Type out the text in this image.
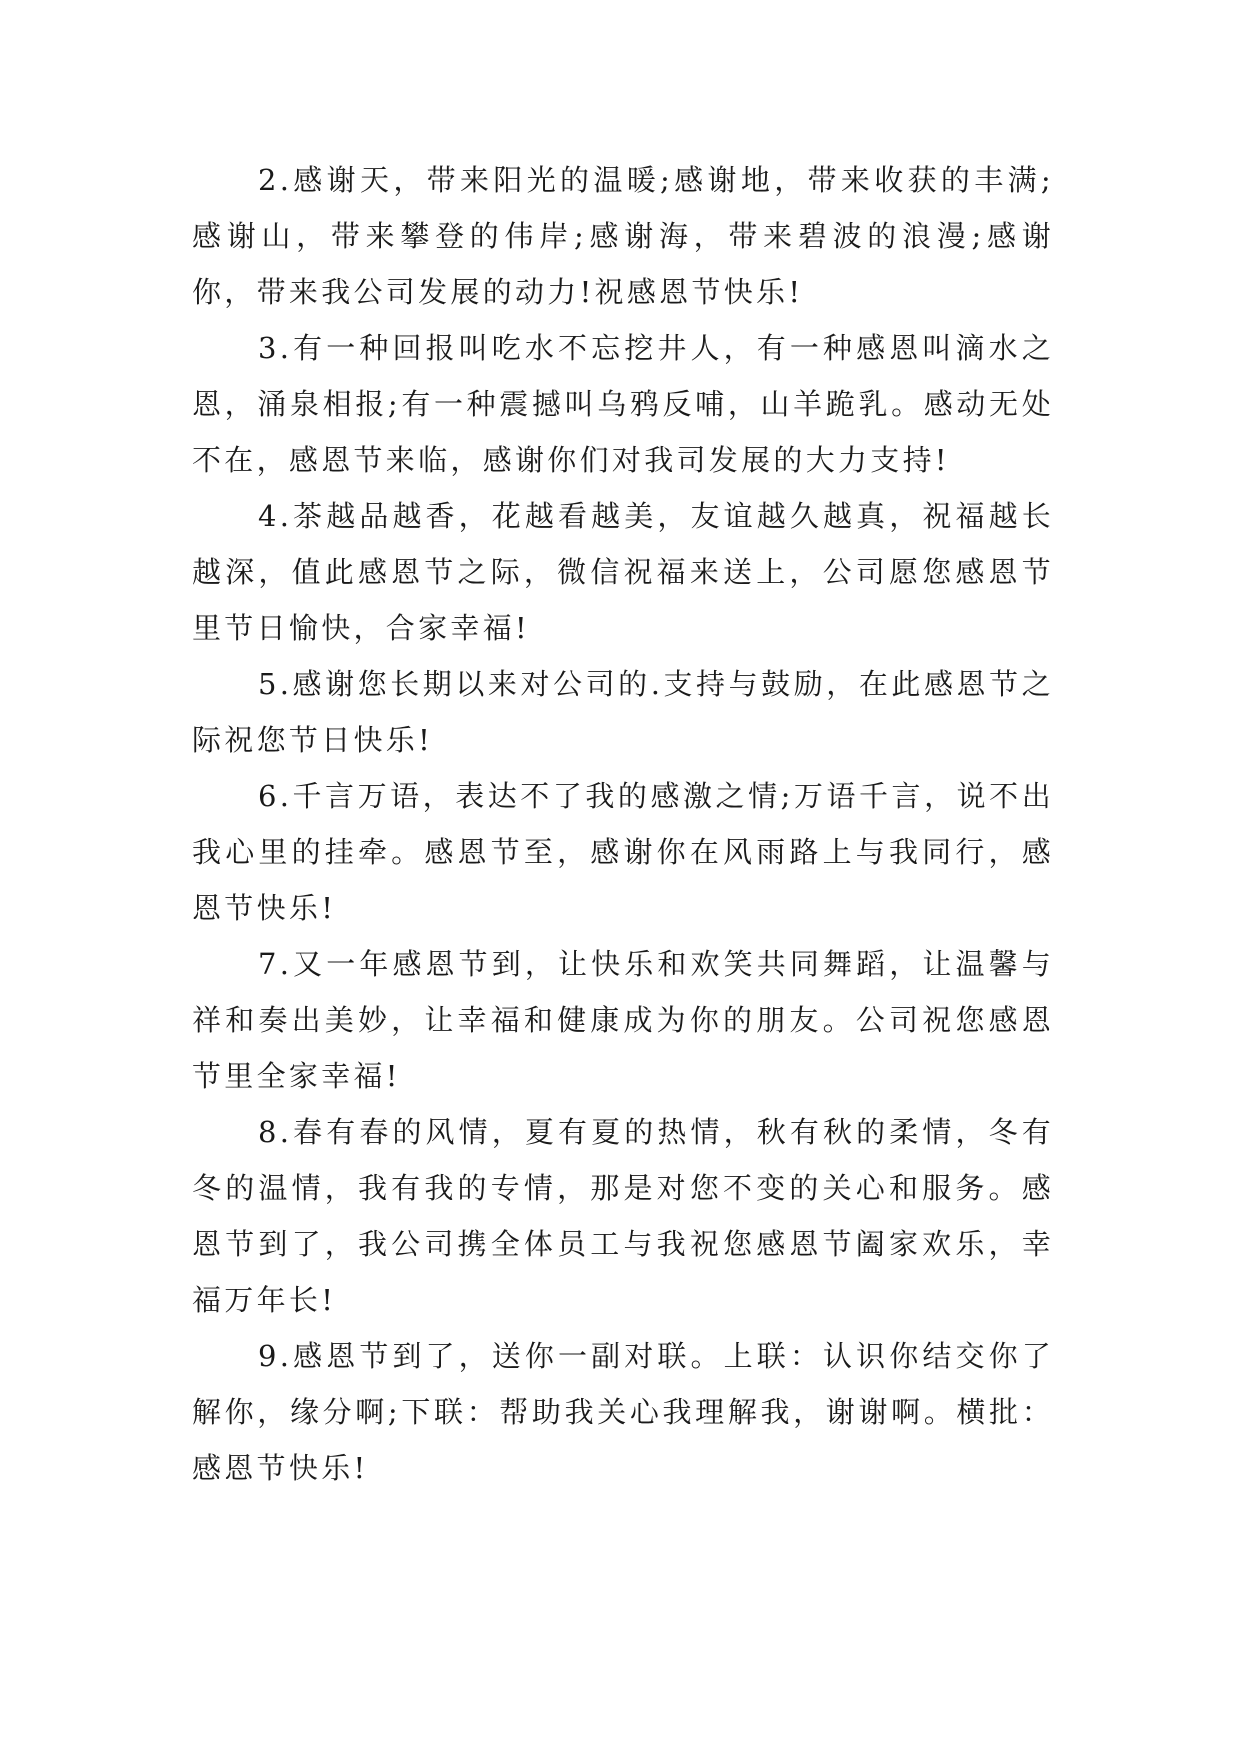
2.感谢天，带来阳光的温暖;感谢地，带来收获的丰满;感谢山，带来攀登的伟岸;感谢海，带来碧波的浪漫;感谢你，带来我公司发展的动力!祝感恩节快乐!

3.有一种回报叫吃水不忘挖井人，有一种感恩叫滴水之恩，涌泉相报;有一种震撼叫乌鸦反哺，山羊跪乳。感动无处不在，感恩节来临，感谢你们对我司发展的大力支持!

4.茶越品越香，花越看越美，友谊越久越真，祝福越长越深，值此感恩节之际，微信祝福来送上，公司愿您感恩节里节日愉快，合家幸福!

5.感谢您长期以来对公司的.支持与鼓励，在此感恩节之际祝您节日快乐!

6.千言万语，表达不了我的感激之情;万语千言，说不出我心里的挂牵。感恩节至，感谢你在风雨路上与我同行，感恩节快乐!

7.又一年感恩节到，让快乐和欢笑共同舞蹈，让温馨与祥和奏出美妙，让幸福和健康成为你的朋友。公司祝您感恩节里全家幸福!

8.春有春的风情，夏有夏的热情，秋有秋的柔情，冬有冬的温情，我有我的专情，那是对您不变的关心和服务。感恩节到了，我公司携全体员工与我祝您感恩节阖家欢乐，幸福万年长!

9.感恩节到了，送你一副对联。上联：认识你结交你了解你，缘分啊;下联：帮助我关心我理解我，谢谢啊。横批：感恩节快乐!
